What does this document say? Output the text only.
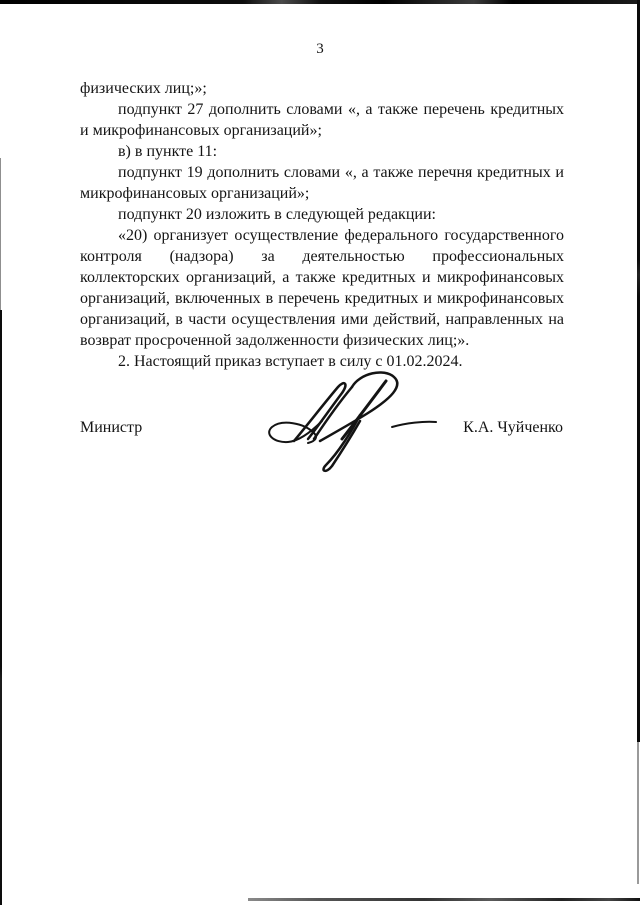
3

физических лиц;»;

подпункт 27 дополнить словами «, а также перечень кредитных и микрофинансовых организаций»;

в) в пункте 11:

подпункт 19 дополнить словами «, а также перечня кредитных и микрофинансовых организаций»;

подпункт 20 изложить в следующей редакции:

«20) организует осуществление федерального государственного контроля (надзора) за деятельностью профессиональных коллекторских организаций, а также кредитных и микрофинансовых организаций, включенных в перечень кредитных и микрофинансовых организаций, в части осуществления ими действий, направленных на возврат просроченной задолженности физических лиц;».

2. Настоящий приказ вступает в силу с 01.02.2024.

Министр	К.А. Чуйченко
